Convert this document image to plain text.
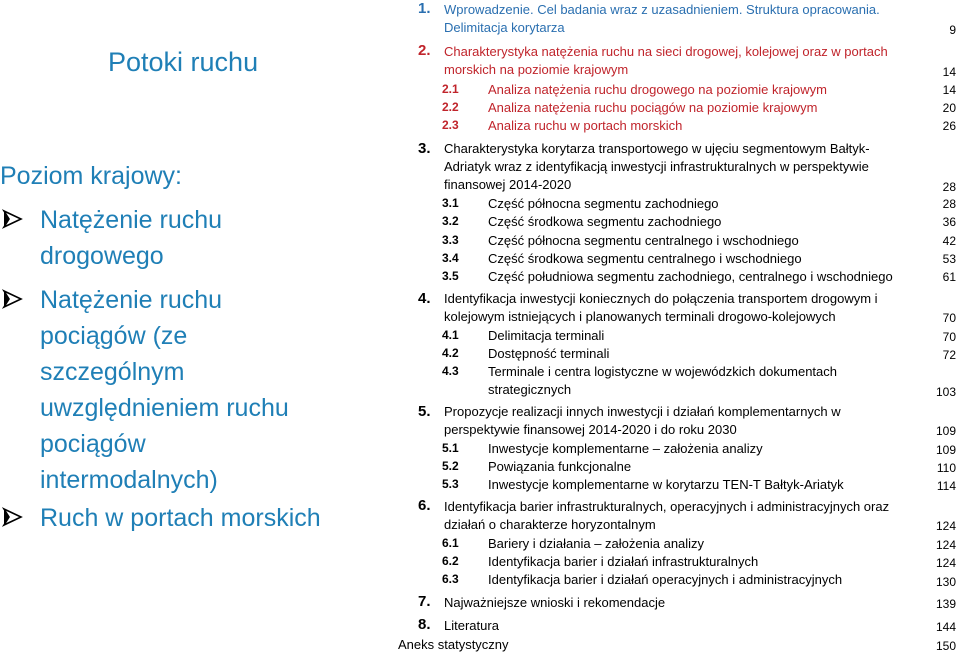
Potoki ruchu
Poziom krajowy:
Natężenie ruchu
drogowego
Natężenie ruchu
pociągów (ze
szczególnym
uwzględnieniem ruchu
pociągów
intermodalnych)
Ruch w portach morskich
1. Wprowadzenie. Cel badania wraz z uzasadnieniem. Struktura opracowania.
Delimitacja korytarza	9
2. Charakterystyka natężenia ruchu na sieci drogowej, kolejowej oraz w portach
morskich na poziomie krajowym	14
2.1 Analiza natężenia ruchu drogowego na poziomie krajowym	14
2.2 Analiza natężenia ruchu pociągów na poziomie krajowym	20
2.3 Analiza ruchu w portach morskich	26
3. Charakterystyka korytarza transportowego w ujęciu segmentowym Bałtyk-
Adriatyk wraz z identyfikacją inwestycji infrastrukturalnych w perspektywie
finansowej 2014-2020	28
3.1 Część północna segmentu zachodniego	28
3.2 Część środkowa segmentu zachodniego	36
3.3 Część północna segmentu centralnego i wschodniego	42
3.4 Część środkowa segmentu centralnego i wschodniego	53
3.5 Część południowa segmentu zachodniego, centralnego i wschodniego	61
4. Identyfikacja inwestycji koniecznych do połączenia transportem drogowym i
kolejowym istniejących i planowanych terminali drogowo-kolejowych	70
4.1 Delimitacja terminali	70
4.2 Dostępność terminali	72
4.3 Terminale i centra logistyczne w wojewódzkich dokumentach
strategicznych	103
5. Propozycje realizacji innych inwestycji i działań komplementarnych w
perspektywie finansowej 2014-2020 i do roku 2030	109
5.1 Inwestycje komplementarne – założenia analizy	109
5.2 Powiązania funkcjonalne	110
5.3 Inwestycje komplementarne w korytarzu TEN-T Bałtyk-Ariatyk	114
6. Identyfikacja barier infrastrukturalnych, operacyjnych i administracyjnych oraz
działań o charakterze horyzontalnym	124
6.1 Bariery i działania – założenia analizy	124
6.2 Identyfikacja barier i działań infrastrukturalnych	124
6.3 Identyfikacja barier i działań operacyjnych i administracyjnych	130
7. Najważniejsze wnioski i rekomendacje	139
8. Literatura	144
Aneks statystyczny	150
